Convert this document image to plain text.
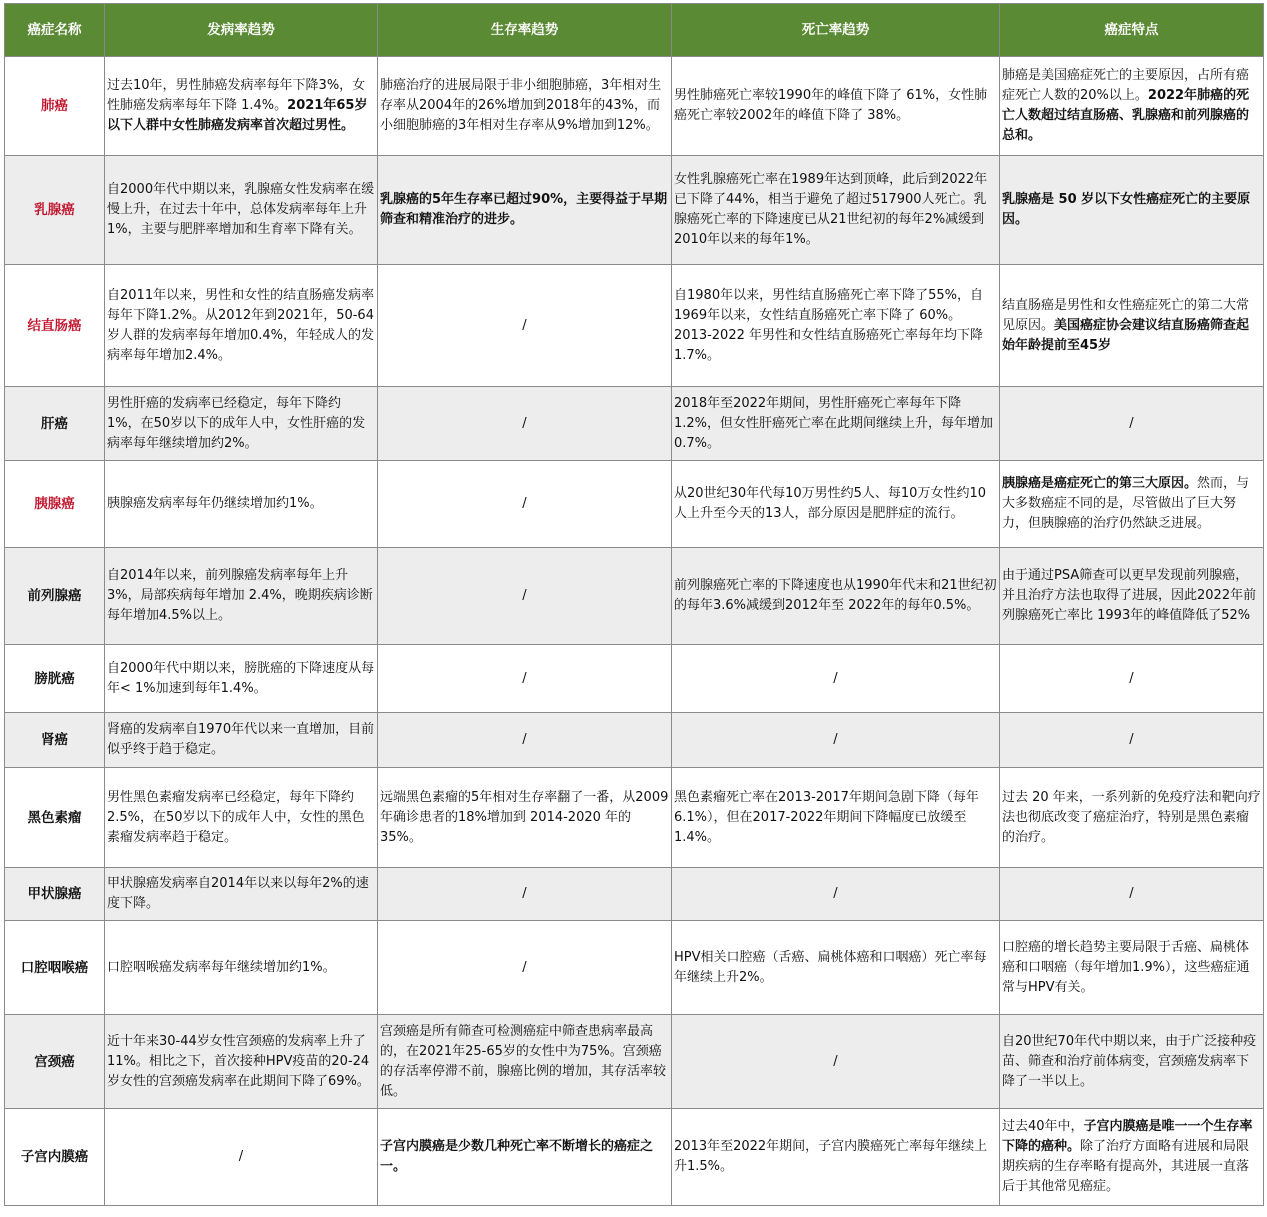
癌症名称	发病率趋势	生存率趋势	死亡率趋势	癌症特点
肺癌	过去10年，男性肺癌发病率每年下降3%，女性肺癌发病率每年下降 1.4%。2021年65岁以下人群中女性肺癌发病率首次超过男性。	肺癌治疗的进展局限于非小细胞肺癌，3年相对生存率从2004年的26%增加到2018年的43%，而小细胞肺癌的3年相对生存率从9%增加到12%。	男性肺癌死亡率较1990年的峰值下降了 61%，女性肺癌死亡率较2002年的峰值下降了 38%。	肺癌是美国癌症死亡的主要原因，占所有癌症死亡人数的20%以上。2022年肺癌的死亡人数超过结直肠癌、乳腺癌和前列腺癌的总和。
乳腺癌	自2000年代中期以来，乳腺癌女性发病率在缓慢上升，在过去十年中，总体发病率每年上升1%，主要与肥胖率增加和生育率下降有关。	乳腺癌的5年生存率已超过90%，主要得益于早期筛查和精准治疗的进步。	女性乳腺癌死亡率在1989年达到顶峰，此后到2022年已下降了44%，相当于避免了超过517900人死亡。乳腺癌死亡率的下降速度已从21世纪初的每年2%减缓到2010年以来的每年1%。	乳腺癌是 50 岁以下女性癌症死亡的主要原因。
结直肠癌	自2011年以来，男性和女性的结直肠癌发病率每年下降1.2%。从2012年到2021年，50-64岁人群的发病率每年增加0.4%，年轻成人的发病率每年增加2.4%。	/	自1980年以来，男性结直肠癌死亡率下降了55%，自1969年以来，女性结直肠癌死亡率下降了 60%。2013-2022 年男性和女性结直肠癌死亡率每年均下降 1.7%。	结直肠癌是男性和女性癌症死亡的第二大常见原因。美国癌症协会建议结直肠癌筛查起始年龄提前至45岁
肝癌	男性肝癌的发病率已经稳定，每年下降约 1%，在50岁以下的成年人中，女性肝癌的发病率每年继续增加约2%。	/	2018年至2022年期间，男性肝癌死亡率每年下降 1.2%，但女性肝癌死亡率在此期间继续上升，每年增加 0.7%。	/
胰腺癌	胰腺癌发病率每年仍继续增加约1%。	/	从20世纪30年代每10万男性约5人、每10万女性约10人上升至今天的13人，部分原因是肥胖症的流行。	胰腺癌是癌症死亡的第三大原因。然而，与大多数癌症不同的是，尽管做出了巨大努力，但胰腺癌的治疗仍然缺乏进展。
前列腺癌	自2014年以来，前列腺癌发病率每年上升 3%，局部疾病每年增加 2.4%，晚期疾病诊断每年增加4.5%以上。	/	前列腺癌死亡率的下降速度也从1990年代末和21世纪初的每年3.6%减缓到2012年至 2022年的每年0.5%。	由于通过PSA筛查可以更早发现前列腺癌，并且治疗方法也取得了进展，因此2022年前列腺癌死亡率比 1993年的峰值降低了52%
膀胱癌	自2000年代中期以来，膀胱癌的下降速度从每年< 1%加速到每年1.4%。	/	/	/
肾癌	肾癌的发病率自1970年代以来一直增加，目前似乎终于趋于稳定。	/	/	/
黑色素瘤	男性黑色素瘤发病率已经稳定，每年下降约 2.5%，在50岁以下的成年人中，女性的黑色素瘤发病率趋于稳定。	远端黑色素瘤的5年相对生存率翻了一番，从2009年确诊患者的18%增加到 2014-2020 年的35%。	黑色素瘤死亡率在2013-2017年期间急剧下降（每年 6.1%），但在2017-2022年期间下降幅度已放缓至1.4%。	过去 20 年来，一系列新的免疫疗法和靶向疗法也彻底改变了癌症治疗，特别是黑色素瘤的治疗。
甲状腺癌	甲状腺癌发病率自2014年以来以每年2%的速度下降。	/	/	/
口腔咽喉癌	口腔咽喉癌发病率每年继续增加约1%。	/	HPV相关口腔癌（舌癌、扁桃体癌和口咽癌）死亡率每年继续上升2%。	口腔癌的增长趋势主要局限于舌癌、扁桃体癌和口咽癌（每年增加1.9%），这些癌症通常与HPV有关。
宫颈癌	近十年来30-44岁女性宫颈癌的发病率上升了11%。相比之下，首次接种HPV疫苗的20-24岁女性的宫颈癌发病率在此期间下降了69%。	宫颈癌是所有筛查可检测癌症中筛查患病率最高的，在2021年25-65岁的女性中为75%。宫颈癌的存活率停滞不前，腺癌比例的增加，其存活率较低。	/	自20世纪70年代中期以来，由于广泛接种疫苗、筛查和治疗前体病变，宫颈癌发病率下降了一半以上。
子宫内膜癌	/	子宫内膜癌是少数几种死亡率不断增长的癌症之一。	2013年至2022年期间，子宫内膜癌死亡率每年继续上升1.5%。	过去40年中，子宫内膜癌是唯一一个生存率下降的癌种。除了治疗方面略有进展和局限期疾病的生存率略有提高外，其进展一直落后于其他常见癌症。
